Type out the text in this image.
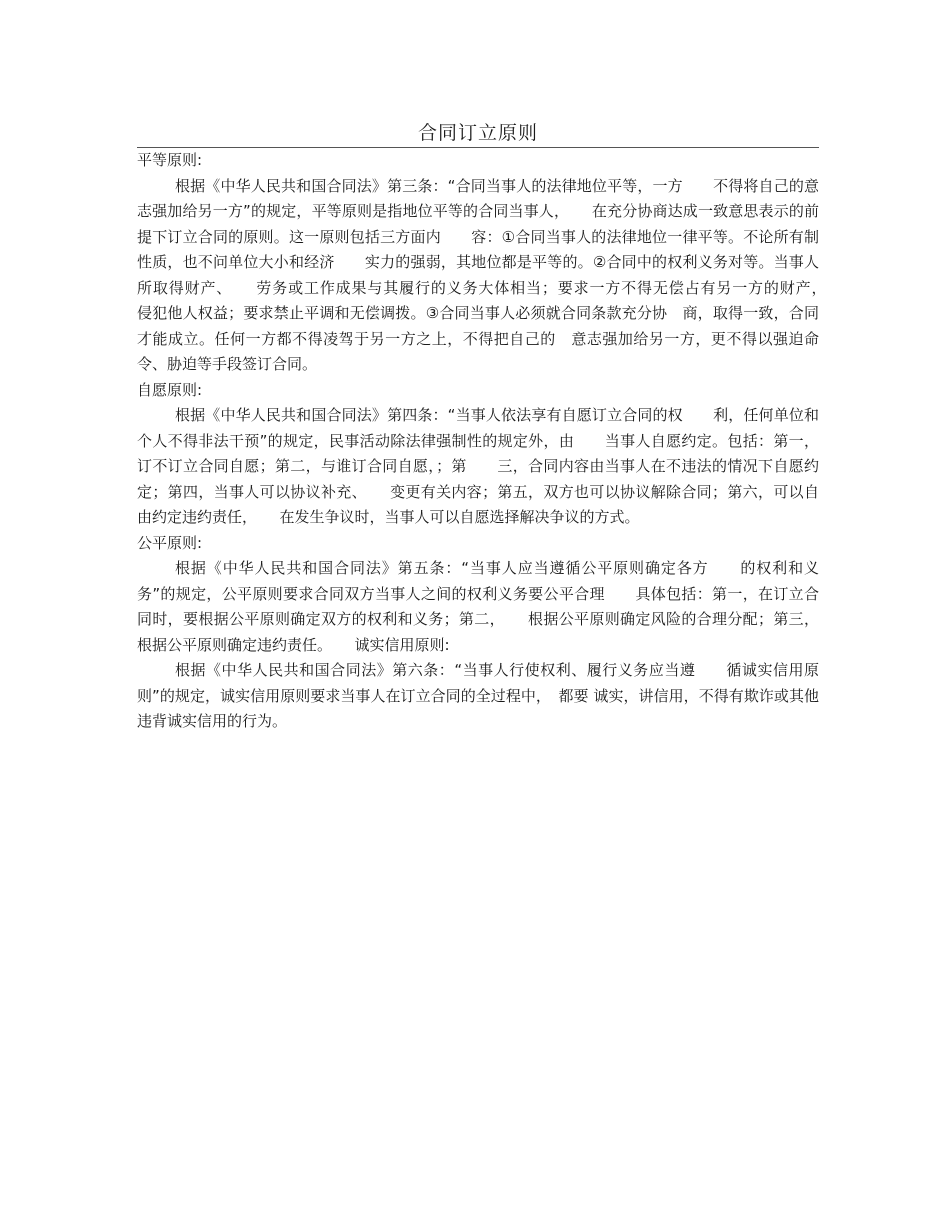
合同订立原则

平等原则:

根据《中华人民共和国合同法》第三条：“合同当事人的法律地位平等，一方　　不得将自己的意志强加给另一方”的规定，平等原则是指地位平等的合同当事人，　　在充分协商达成一致意思表示的前提下订立合同的原则。这一原则包括三方面内　　容：①合同当事人的法律地位一律平等。不论所有制性质，也不问单位大小和经济　　实力的强弱，其地位都是平等的。②合同中的权利义务对等。当事人所取得财产、　　劳务或工作成果与其履行的义务大体相当；要求一方不得无偿占有另一方的财产，　　侵犯他人权益；要求禁止平调和无偿调拨。③合同当事人必须就合同条款充分协　商，取得一致，合同才能成立。任何一方都不得凌驾于另一方之上，不得把自己的　意志强加给另一方，更不得以强迫命令、胁迫等手段签订合同。

自愿原则:

根据《中华人民共和国合同法》第四条：“当事人依法享有自愿订立合同的权　　利，任何单位和个人不得非法干预”的规定，民事活动除法律强制性的规定外，由　　当事人自愿约定。包括：第一，订不订立合同自愿；第二，与谁订合同自愿，；第　　三，合同内容由当事人在不违法的情况下自愿约定；第四，当事人可以协议补充、　　变更有关内容；第五，双方也可以协议解除合同；第六，可以自由约定违约责任，　　在发生争议时，当事人可以自愿选择解决争议的方式。

公平原则:

根据《中华人民共和国合同法》第五条：“当事人应当遵循公平原则确定各方　　的权利和义务”的规定，公平原则要求合同双方当事人之间的权利义务要公平合理　　具体包括：第一，在订立合同时，要根据公平原则确定双方的权利和义务；第二，　　根据公平原则确定风险的合理分配；第三，根据公平原则确定违约责任。　　诚实信用原则:

根据《中华人民共和国合同法》第六条：“当事人行使权利、履行义务应当遵　　循诚实信用原则”的规定，诚实信用原则要求当事人在订立合同的全过程中，　都要 诚实，讲信用，不得有欺诈或其他违背诚实信用的行为。
